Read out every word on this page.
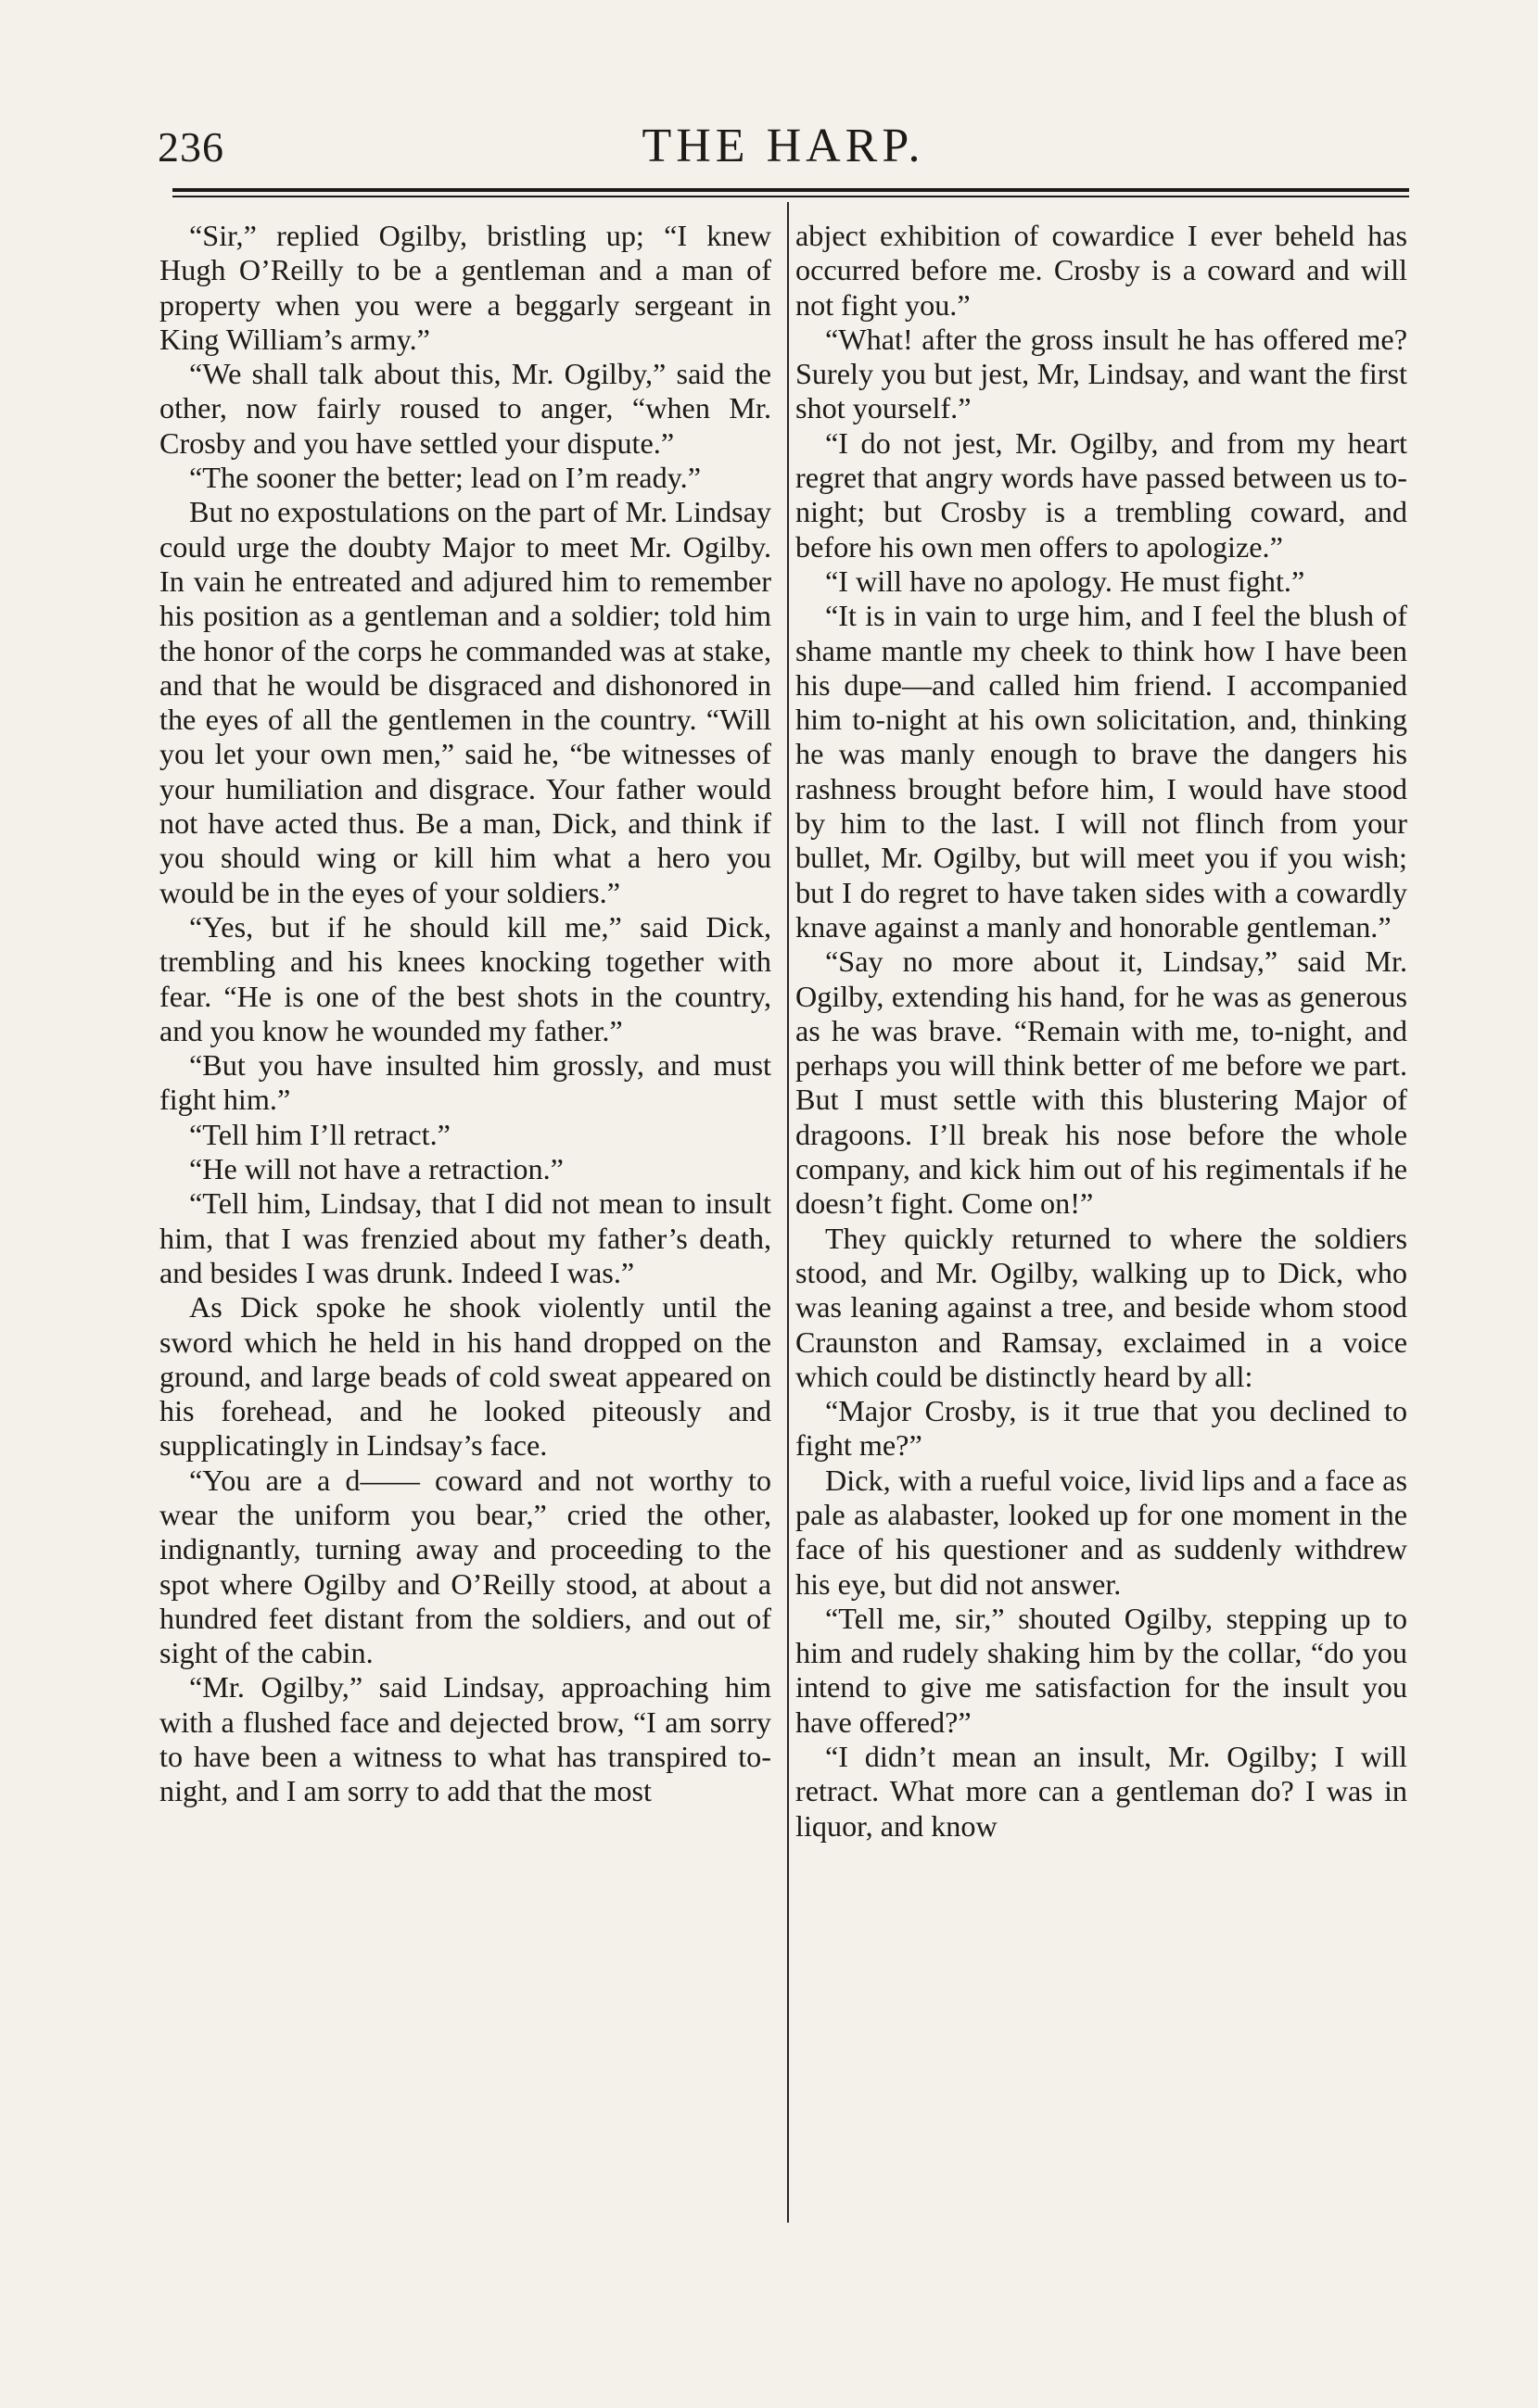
236	THE HARP.

“Sir,” replied Ogilby, bristling up; “I knew Hugh O’Reilly to be a gentleman and a man of property when you were a beggarly sergeant in King William’s army.”

“We shall talk about this, Mr. Ogilby,” said the other, now fairly roused to anger, “when Mr. Crosby and you have settled your dispute.”

“The sooner the better; lead on I’m ready.”

But no expostulations on the part of Mr. Lindsay could urge the doubty Major to meet Mr. Ogilby. In vain he entreated and adjured him to remember his position as a gentleman and a soldier; told him the honor of the corps he commanded was at stake, and that he would be disgraced and dishonored in the eyes of all the gentlemen in the country. “Will you let your own men,” said he, “be witnesses of your humiliation and disgrace. Your father would not have acted thus. Be a man, Dick, and think if you should wing or kill him what a hero you would be in the eyes of your soldiers.”

“Yes, but if he should kill me,” said Dick, trembling and his knees knocking together with fear. “He is one of the best shots in the country, and you know he wounded my father.”

“But you have insulted him grossly, and must fight him.”

“Tell him I’ll retract.”

“He will not have a retraction.”

“Tell him, Lindsay, that I did not mean to insult him, that I was frenzied about my father’s death, and besides I was drunk. Indeed I was.”

As Dick spoke he shook violently until the sword which he held in his hand dropped on the ground, and large beads of cold sweat appeared on his forehead, and he looked piteously and supplicatingly in Lindsay’s face.

“You are a d—— coward and not worthy to wear the uniform you bear,” cried the other, indignantly, turning away and proceeding to the spot where Ogilby and O’Reilly stood, at about a hundred feet distant from the soldiers, and out of sight of the cabin.

“Mr. Ogilby,” said Lindsay, approaching him with a flushed face and dejected brow, “I am sorry to have been a witness to what has transpired to-night, and I am sorry to add that the most

abject exhibition of cowardice I ever beheld has occurred before me. Crosby is a coward and will not fight you.”

“What! after the gross insult he has offered me? Surely you but jest, Mr, Lindsay, and want the first shot yourself.”

“I do not jest, Mr. Ogilby, and from my heart regret that angry words have passed between us to-night; but Crosby is a trembling coward, and before his own men offers to apologize.”

“I will have no apology. He must fight.”

“It is in vain to urge him, and I feel the blush of shame mantle my cheek to think how I have been his dupe—and called him friend. I accompanied him to-night at his own solicitation, and, thinking he was manly enough to brave the dangers his rashness brought before him, I would have stood by him to the last. I will not flinch from your bullet, Mr. Ogilby, but will meet you if you wish; but I do regret to have taken sides with a cowardly knave against a manly and honorable gentleman.”

“Say no more about it, Lindsay,” said Mr. Ogilby, extending his hand, for he was as generous as he was brave. “Remain with me, to-night, and perhaps you will think better of me before we part. But I must settle with this blustering Major of dragoons. I’ll break his nose before the whole company, and kick him out of his regimentals if he doesn’t fight. Come on!”

They quickly returned to where the soldiers stood, and Mr. Ogilby, walking up to Dick, who was leaning against a tree, and beside whom stood Craunston and Ramsay, exclaimed in a voice which could be distinctly heard by all:

“Major Crosby, is it true that you declined to fight me?”

Dick, with a rueful voice, livid lips and a face as pale as alabaster, looked up for one moment in the face of his questioner and as suddenly withdrew his eye, but did not answer.

“Tell me, sir,” shouted Ogilby, stepping up to him and rudely shaking him by the collar, “do you intend to give me satisfaction for the insult you have offered?”

“I didn’t mean an insult, Mr. Ogilby; I will retract. What more can a gentleman do? I was in liquor, and know
